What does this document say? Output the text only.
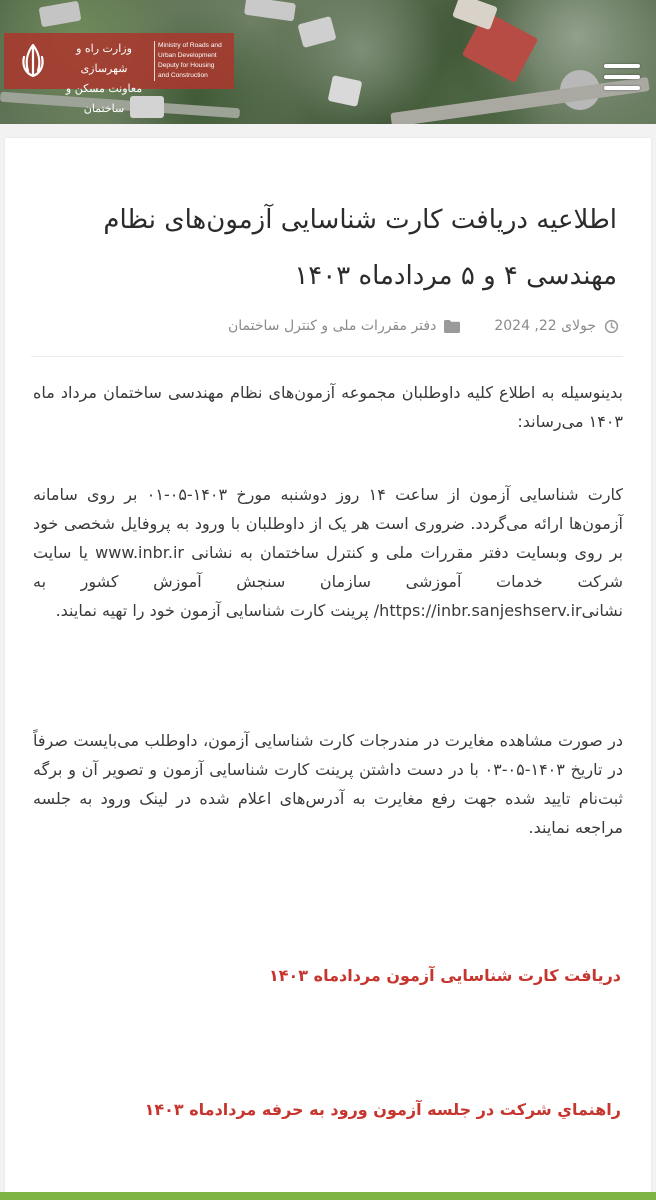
وزارت راه و شهرسازی
معاونت مسکن و ساختمان
Ministry of Roads and
Urban Development
Deputy for Housing
and Construction
اطلاعیه دریافت کارت شناسایی آزمون‌های نظام مهندسی ۴ و ۵ مردادماه ۱۴۰۳
جولای 22, 2024
دفتر مقررات ملی و کنترل ساختمان

بدینوسیله به اطلاع کلیه داوطلبان مجموعه آزمون‌های نظام مهندسی ساختمان مرداد ماه ۱۴۰۳ می‌رساند:

کارت شناسایی آزمون از ساعت ۱۴ روز دوشنبه مورخ ۱۴۰۳-۰۵-۰۱ بر روی سامانه آزمون‌ها ارائه می‌گردد. ضروری است هر یک از داوطلبان با ورود به پروفایل شخصی خود بر روی وبسایت دفتر مقررات ملی و کنترل ساختمان به نشانی www.inbr.ir یا سایت شرکت خدمات آموزشی سازمان سنجش آموزش کشور به نشانیhttps://inbr.sanjeshserv.ir/ پرینت کارت شناسایی آزمون خود را تهیه نمایند.

در صورت مشاهده مغایرت در مندرجات کارت شناسایی آزمون، داوطلب می‌بایست صرفاً در تاریخ ۱۴۰۳-۰۵-۰۳ با در دست داشتن پرینت کارت شناسایی آزمون و تصویر آن و برگه ثبت‌نام تایید شده جهت رفع مغایرت به آدرس‌های اعلام شده در لینک ورود به جلسه مراجعه نمایند.

دریافت کارت شناسایی آزمون مردادماه ۱۴۰۳
راهنماي شركت در جلسه آزمون ورود به حرفه مردادماه ۱۴۰۳
